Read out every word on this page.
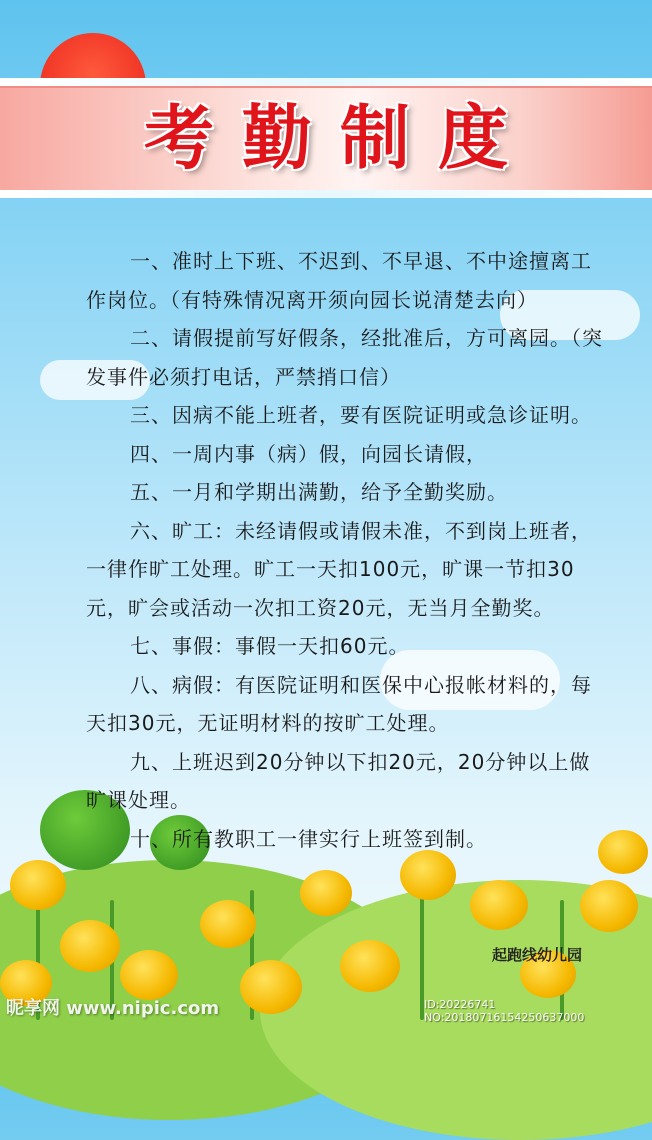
考勤制度

一、准时上下班、不迟到、不早退、不中途擅离工作岗位。（有特殊情况离开须向园长说清楚去向）

二、请假提前写好假条，经批准后，方可离园。（突发事件必须打电话，严禁捎口信）

三、因病不能上班者，要有医院证明或急诊证明。

四、一周内事（病）假，向园长请假，

五、一月和学期出满勤，给予全勤奖励。

六、旷工：未经请假或请假未准，不到岗上班者，一律作旷工处理。旷工一天扣100元，旷课一节扣30元，旷会或活动一次扣工资20元，无当月全勤奖。

七、事假：事假一天扣60元。

八、病假：有医院证明和医保中心报帐材料的，每天扣30元，无证明材料的按旷工处理。

九、上班迟到20分钟以下扣20元，20分钟以上做旷课处理。

十、所有教职工一律实行上班签到制。

起跑线幼儿园
昵享网 www.nipic.com	ID:20226741 NO:20180716154250637000
